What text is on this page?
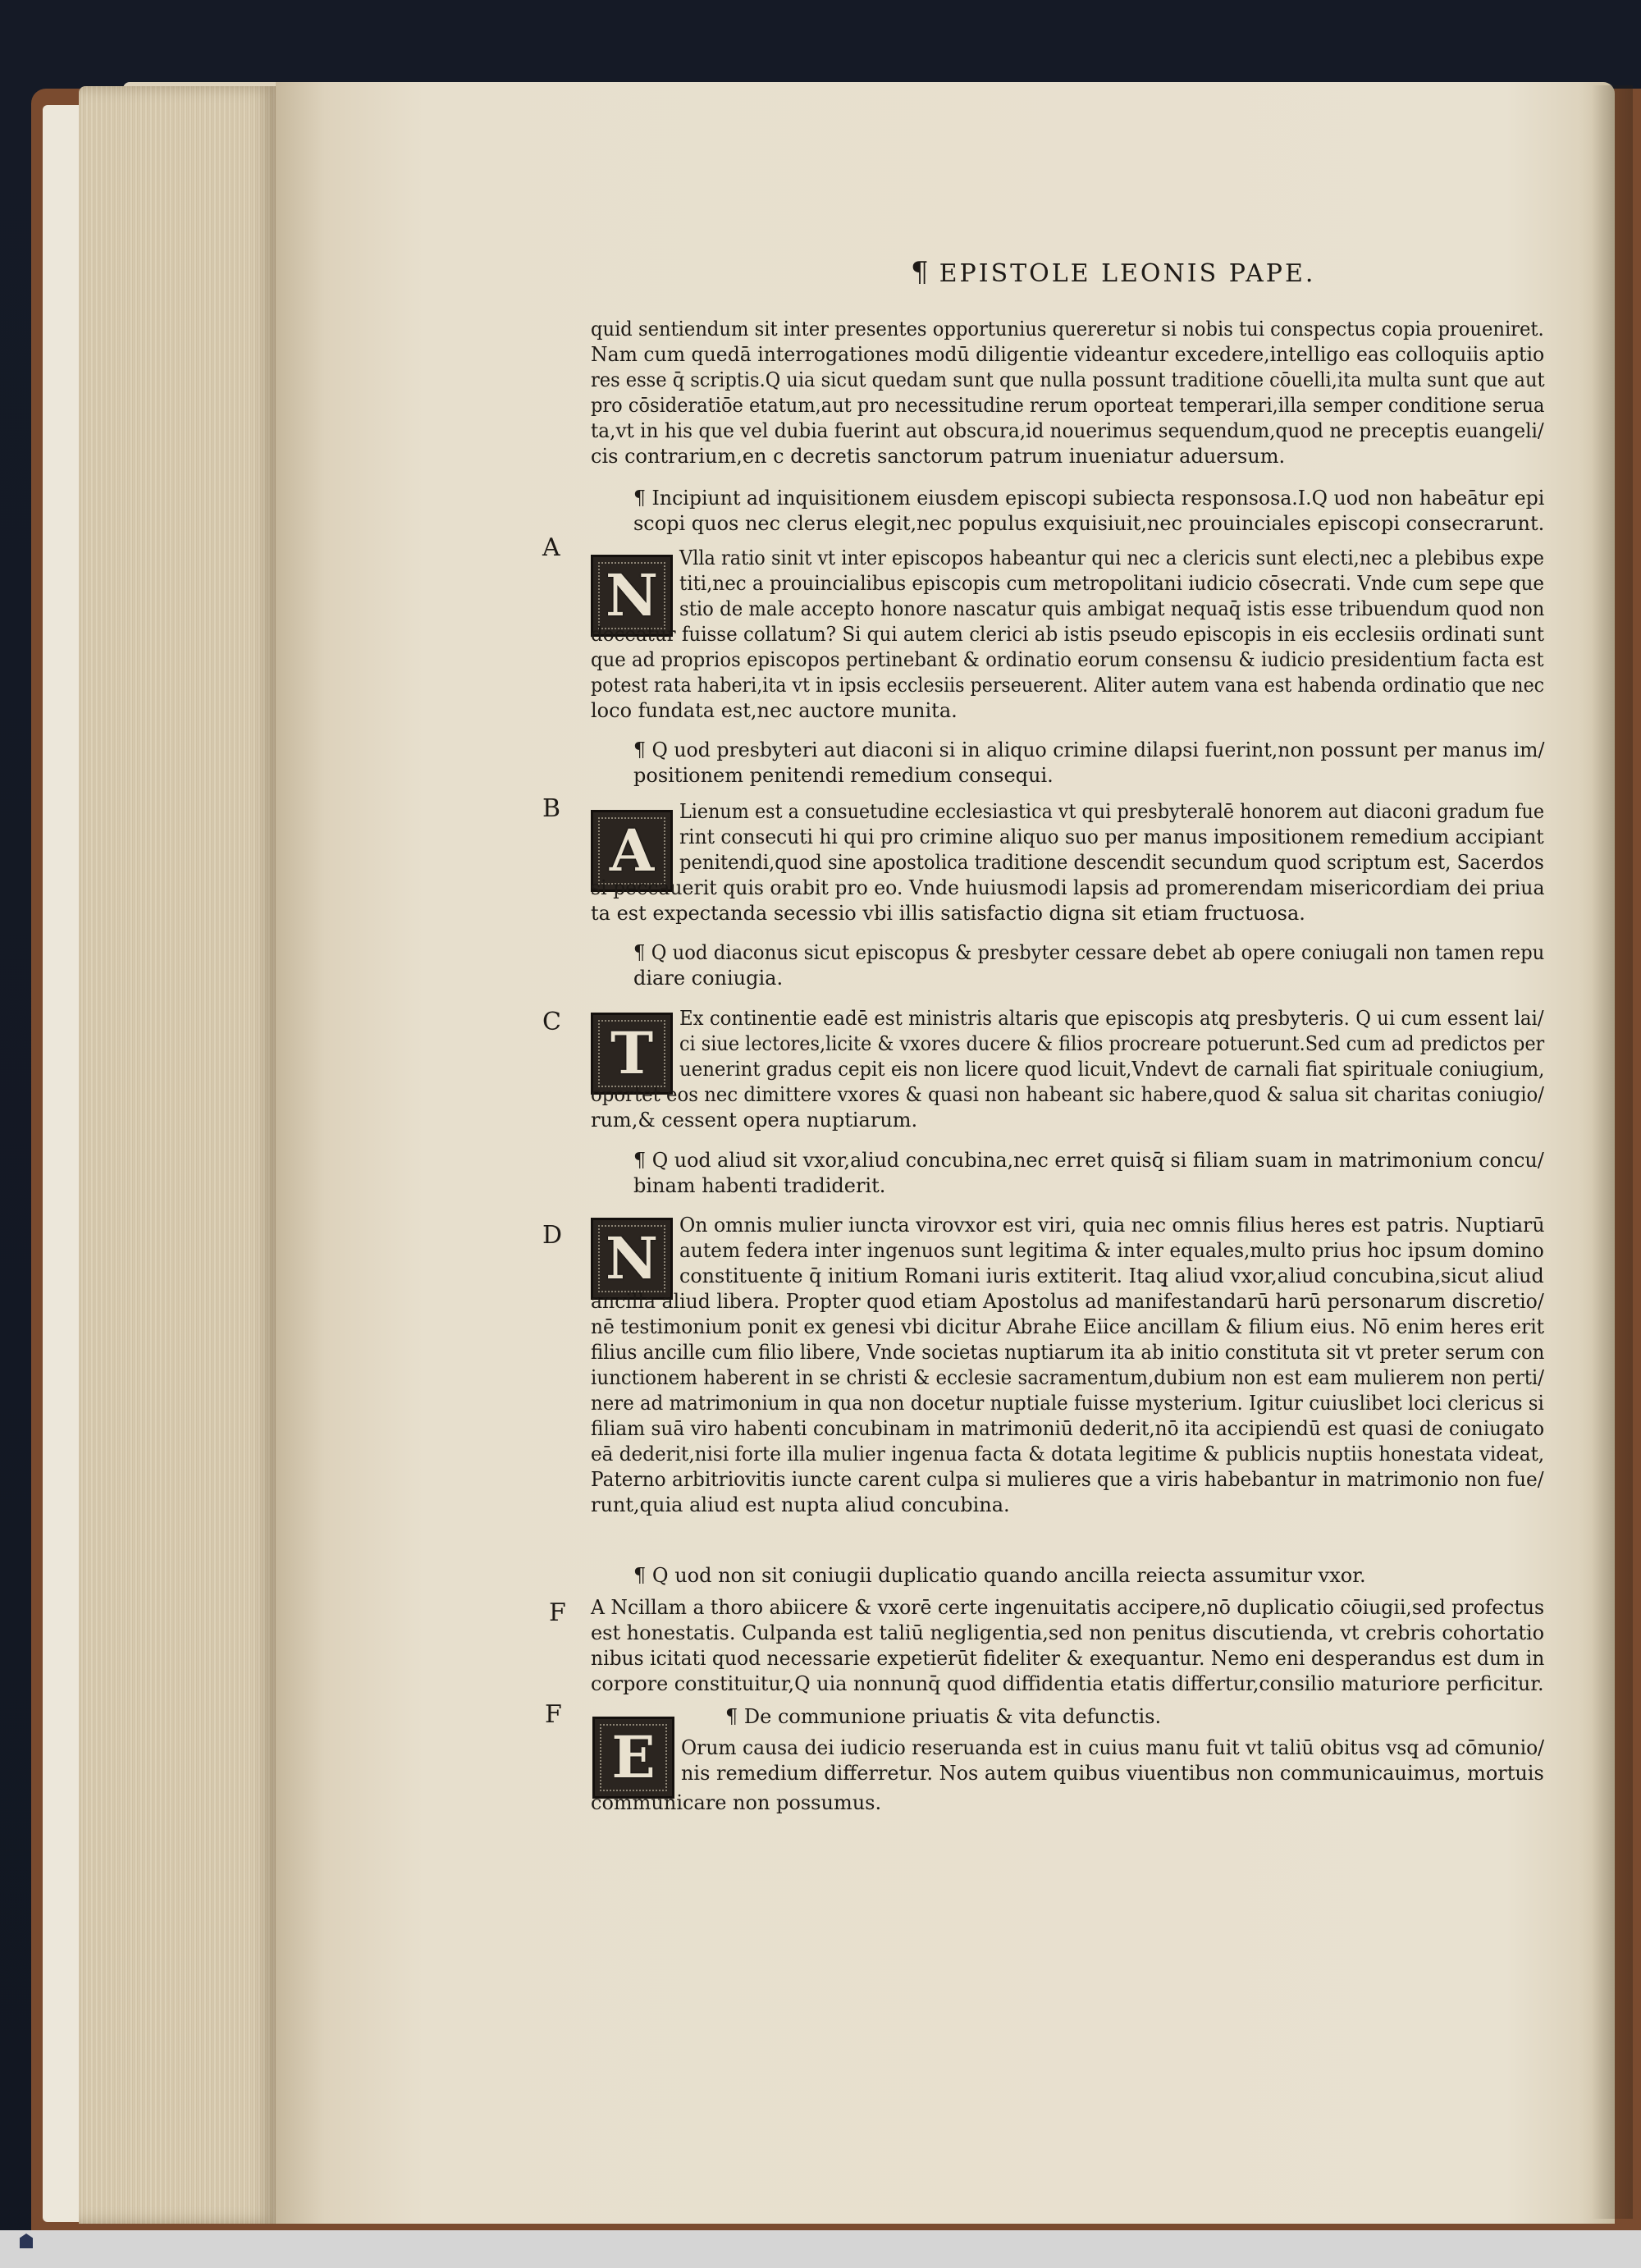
¶ EPISTOLE LEONIS PAPE.
A
B
C
D
F
F
N
A
T
N
E
quid sentiendum sit inter presentes opportunius quereretur si nobis tui conspectus copia proueniret.
Nam cum quedā interrogationes modū diligentie videantur excedere,intelligo eas colloquiis aptio
res esse q̄ scriptis.Q uia sicut quedam sunt que nulla possunt traditione cōuelli,ita multa sunt que aut
pro cōsideratiōe etatum,aut pro necessitudine rerum oporteat temperari,illa semper conditione serua
ta,vt in his que vel dubia fuerint aut obscura,id nouerimus sequendum,quod ne preceptis euangeli/
cis contrarium,en c decretis sanctorum patrum inueniatur aduersum.
¶ Incipiunt ad inquisitionem eiusdem episcopi subiecta responsosa.I.Q uod non habeātur epi
scopi quos nec clerus elegit,nec populus exquisiuit,nec prouinciales episcopi consecrarunt.
Vlla ratio sinit vt inter episcopos habeantur qui nec a clericis sunt electi,nec a plebibus expe
titi,nec a prouincialibus episcopis cum metropolitani iudicio cōsecrati. Vnde cum sepe que
stio de male accepto honore nascatur quis ambigat nequaq̄ istis esse tribuendum quod non
doceatur fuisse collatum? Si qui autem clerici ab istis pseudo episcopis in eis ecclesiis ordinati sunt
que ad proprios episcopos pertinebant & ordinatio eorum consensu & iudicio presidentium facta est
potest rata haberi,ita vt in ipsis ecclesiis perseuerent. Aliter autem vana est habenda ordinatio que nec
loco fundata est,nec auctore munita.
¶ Q uod presbyteri aut diaconi si in aliquo crimine dilapsi fuerint,non possunt per manus im/
positionem penitendi remedium consequi.
Lienum est a consuetudine ecclesiastica vt qui presbyteralē honorem aut diaconi gradum fue
rint consecuti hi qui pro crimine aliquo suo per manus impositionem remedium accipiant
penitendi,quod sine apostolica traditione descendit secundum quod scriptum est, Sacerdos
si peccauerit quis orabit pro eo. Vnde huiusmodi lapsis ad promerendam misericordiam dei priua
ta est expectanda secessio vbi illis satisfactio digna sit etiam fructuosa.
¶ Q uod diaconus sicut episcopus & presbyter cessare debet ab opere coniugali non tamen repu
diare coniugia.
Ex continentie eadē est ministris altaris que episcopis atq̧ presbyteris. Q ui cum essent lai/
ci siue lectores,licite & vxores ducere & filios procreare potuerunt.Sed cum ad predictos per
uenerint gradus cepit eis non licere quod licuit,Vndevt de carnali fiat spirituale coniugium,
oportet eos nec dimittere vxores & quasi non habeant sic habere,quod & salua sit charitas coniugio/
rum,& cessent opera nuptiarum.
¶ Q uod aliud sit vxor,aliud concubina,nec erret quisq̄ si filiam suam in matrimonium concu/
binam habenti tradiderit.
On omnis mulier iuncta virovxor est viri, quia nec omnis filius heres est patris. Nuptiarū
autem federa inter ingenuos sunt legitima & inter equales,multo prius hoc ipsum domino
constituente q̄ initium Romani iuris extiterit. Itaq̧ aliud vxor,aliud concubina,sicut aliud
ancilla aliud libera. Propter quod etiam Apostolus ad manifestandarū harū personarum discretio/
nē testimonium ponit ex genesi vbi dicitur Abrahe Eiice ancillam & filium eius. Nō enim heres erit
filius ancille cum filio libere, Vnde societas nuptiarum ita ab initio constituta sit vt preter serum con
iunctionem haberent in se christi & ecclesie sacramentum,dubium non est eam mulierem non perti/
nere ad matrimonium in qua non docetur nuptiale fuisse mysterium. Igitur cuiuslibet loci clericus si
filiam suā viro habenti concubinam in matrimoniū dederit,nō ita accipiendū est quasi de coniugato
eā dederit,nisi forte illa mulier ingenua facta & dotata legitime & publicis nuptiis honestata videat,
Paterno arbitriovitis iuncte carent culpa si mulieres que a viris habebantur in matrimonio non fue/
runt,quia aliud est nupta aliud concubina.
¶ Q uod non sit coniugii duplicatio quando ancilla reiecta assumitur vxor.
A Ncillam a thoro abiicere & vxorē certe ingenuitatis accipere,nō duplicatio cōiugii,sed profectus
est honestatis. Culpanda est taliū negligentia,sed non penitus discutienda, vt crebris cohortatio
nibus icitati quod necessarie expetierūt fideliter & exequantur. Nemo eni desperandus est dum in
corpore constituitur,Q uia nonnunq̄ quod diffidentia etatis differtur,consilio maturiore perficitur.
¶ De communione priuatis & vita defunctis.
Orum causa dei iudicio reseruanda est in cuius manu fuit vt taliū obitus vsq̧ ad cōmunio/
nis remedium differretur. Nos autem quibus viuentibus non communicauimus, mortuis
communicare non possumus.
